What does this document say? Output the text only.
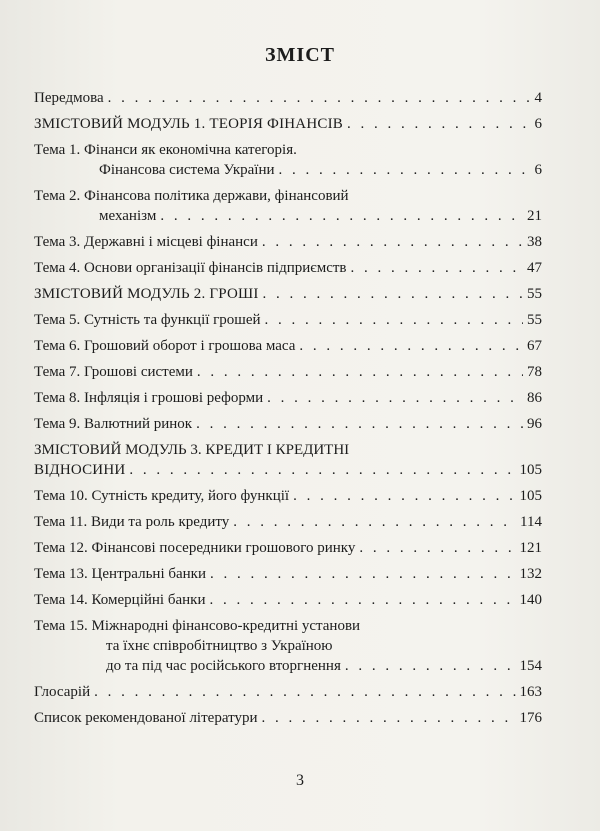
ЗМІСТ
Передмова . . .	4
ЗМІСТОВИЙ МОДУЛЬ 1. ТЕОРІЯ ФІНАНСІВ . . .	6
Тема 1. Фінанси як економічна категорія.
Фінансова система України . . .	6
Тема 2. Фінансова політика держави, фінансовий
механізм . . .	21
Тема 3. Державні і місцеві фінанси . . .	38
Тема 4. Основи організації фінансів підприємств . . .	47
ЗМІСТОВИЙ МОДУЛЬ 2. ГРОШІ . . .	55
Тема 5. Сутність та функції грошей . . .	55
Тема 6. Грошовий оборот і грошова маса . . .	67
Тема 7. Грошові системи . . .	78
Тема 8. Інфляція і грошові реформи . . .	86
Тема 9. Валютний ринок . . .	96
ЗМІСТОВИЙ МОДУЛЬ 3. КРЕДИТ І КРЕДИТНІ
ВІДНОСИНИ . . .	105
Тема 10. Сутність кредиту, його функції . . .	105
Тема 11. Види та роль кредиту . . .	114
Тема 12. Фінансові посередники грошового ринку . . .	121
Тема 13. Центральні банки . . .	132
Тема 14. Комерційні банки . . .	140
Тема 15. Міжнародні фінансово-кредитні установи
та їхнє співробітництво з Україною
до та під час російського вторгнення . . .	154
Глосарій . . .	163
Список рекомендованої літератури . . .	176
3
